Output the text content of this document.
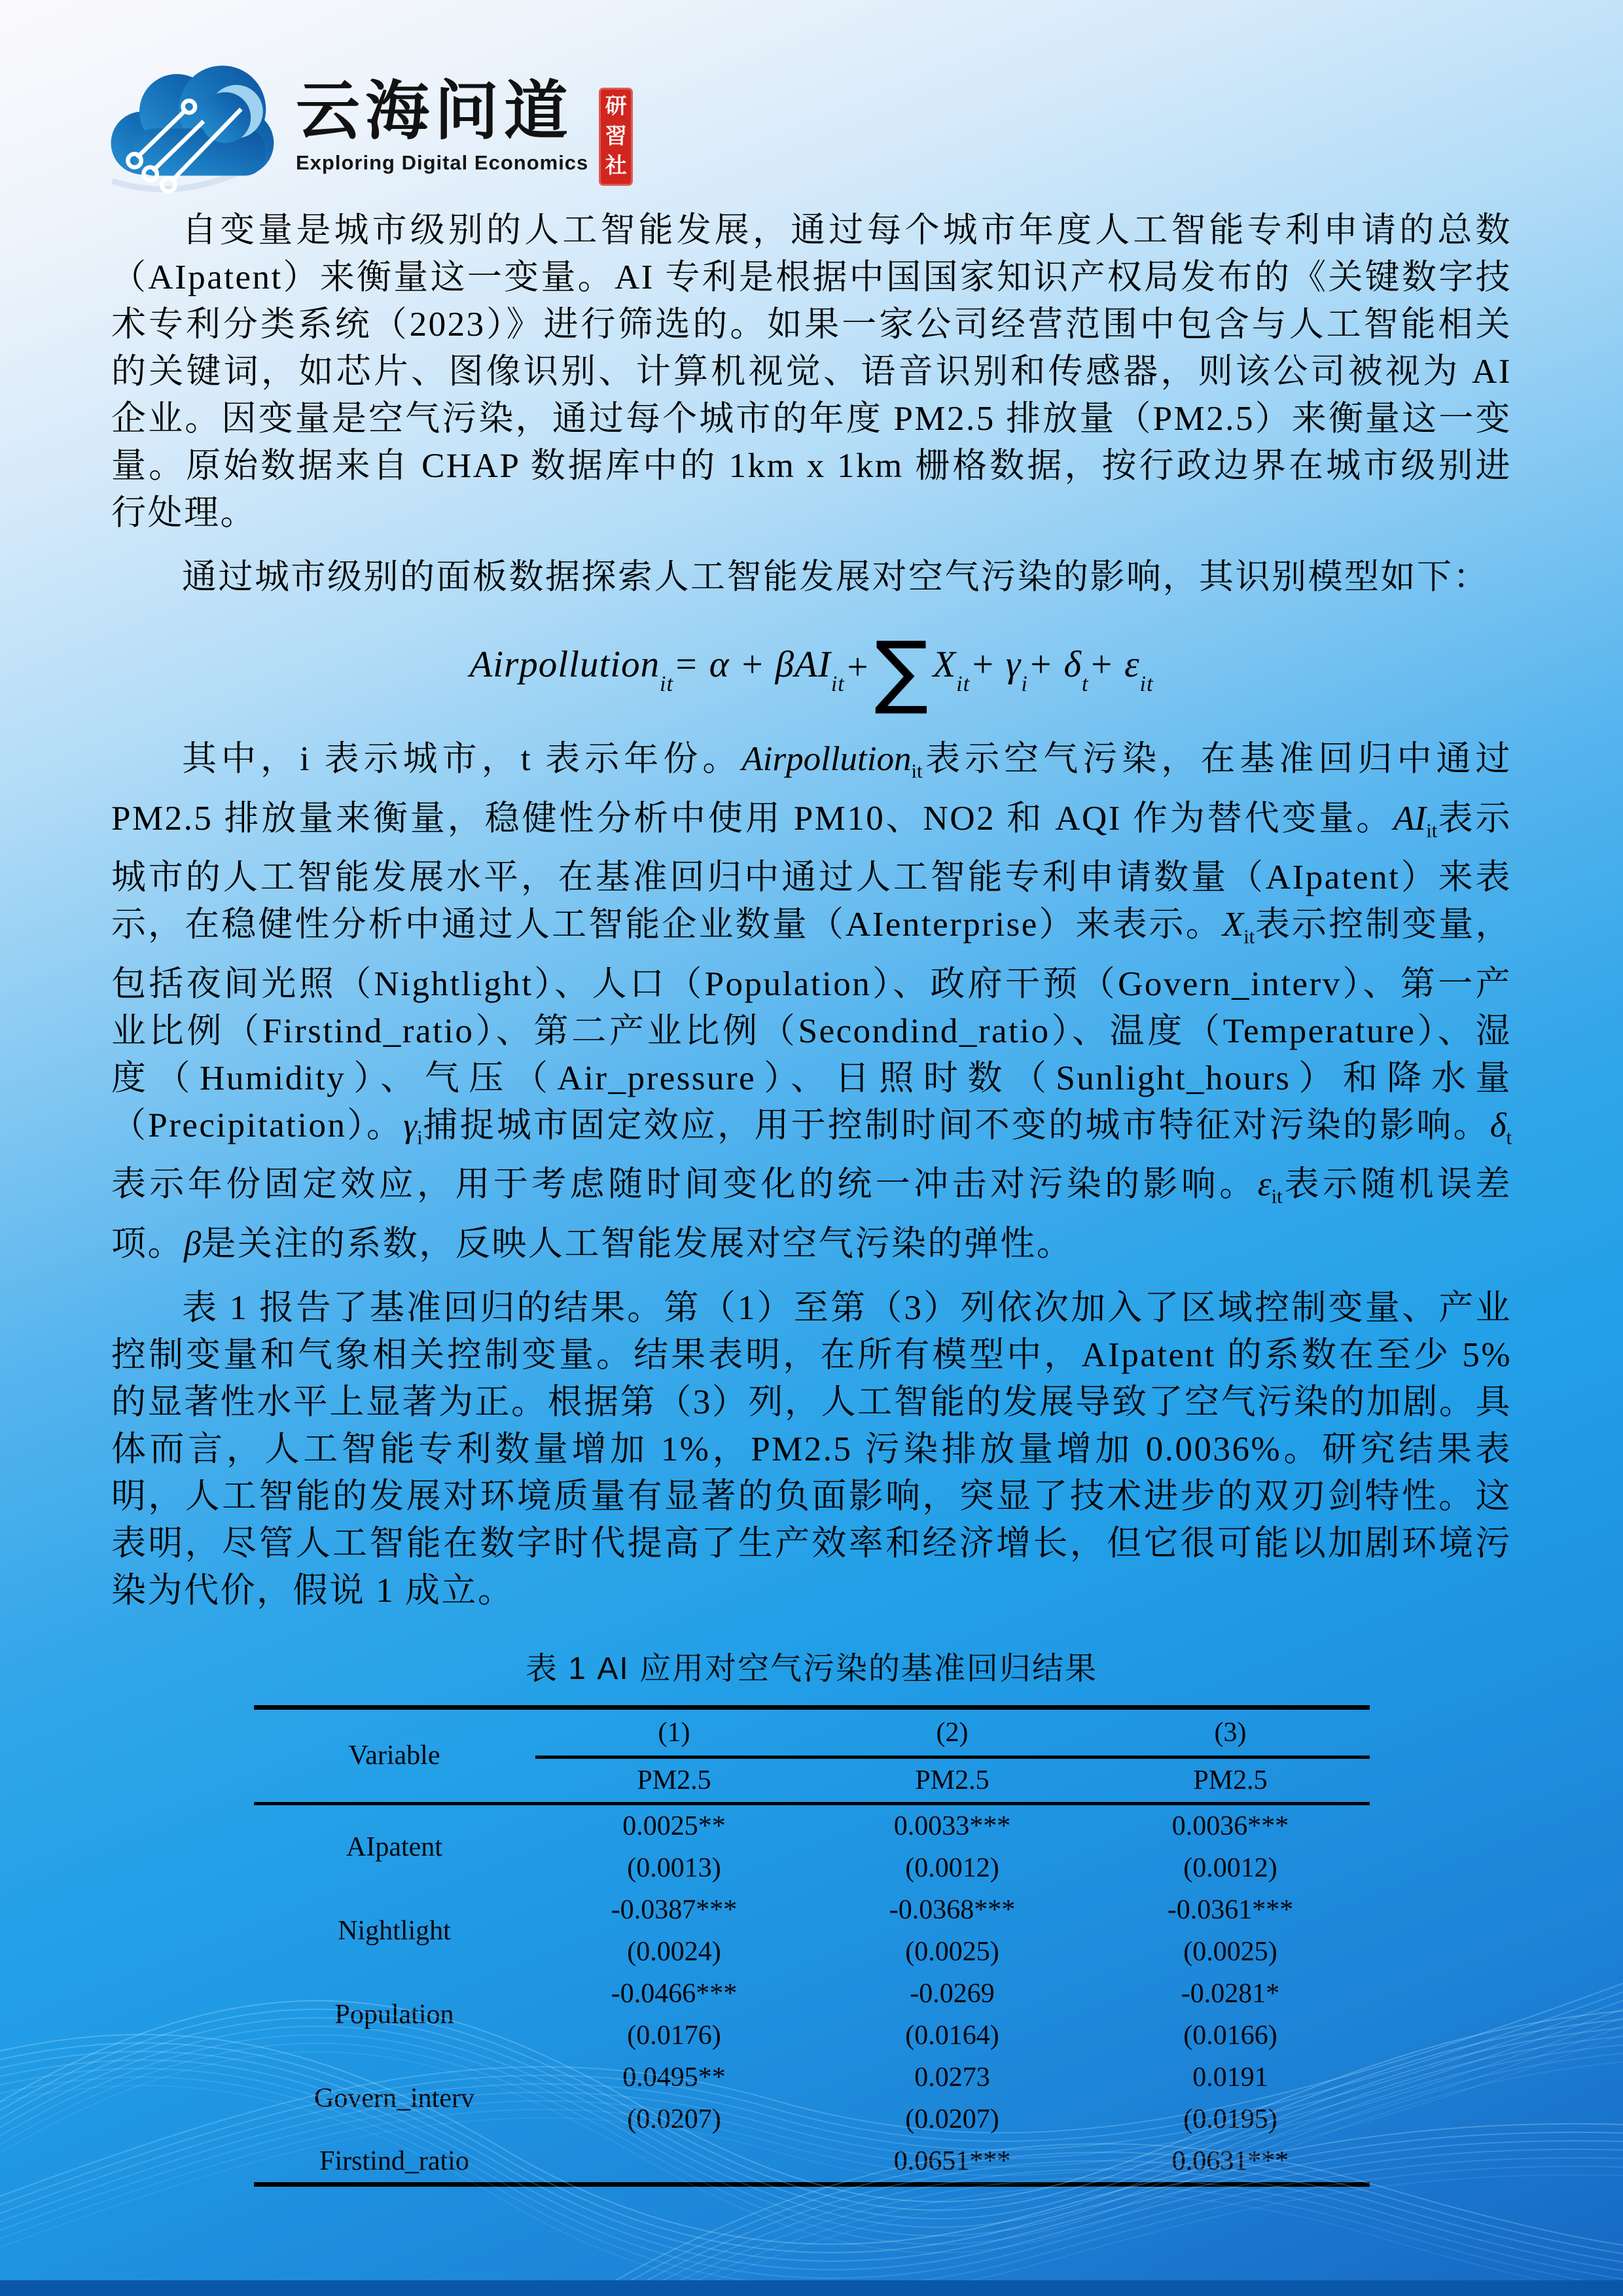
云海问道
Exploring Digital Economics
研
習
社

自变量是城市级别的人工智能发展，通过每个城市年度人工智能专利申请的总数（AIpatent）来衡量这一变量。AI 专利是根据中国国家知识产权局发布的《关键数字技术专利分类系统（2023）》进行筛选的。如果一家公司经营范围中包含与人工智能相关的关键词，如芯片、图像识别、计算机视觉、语音识别和传感器，则该公司被视为 AI 企业。因变量是空气污染，通过每个城市的年度 PM2.5 排放量（PM2.5）来衡量这一变量。原始数据来自 CHAP 数据库中的 1km x 1km 栅格数据，按行政边界在城市级别进行处理。

通过城市级别的面板数据探索人工智能发展对空气污染的影响，其识别模型如下：

Airpollution$_{it}$ = α + βAI$_{it}$ + ∑ $X_{it} + \gamma_i + \delta_t + \varepsilon_{it}$

其中，i 表示城市，t 表示年份。Airpollution$_{it}$表示空气污染，在基准回归中通过 PM2.5 排放量来衡量，稳健性分析中使用 PM10、NO2 和 AQI 作为替代变量。$AI_{it}$表示城市的人工智能发展水平，在基准回归中通过人工智能专利申请数量（AIpatent）来表示，在稳健性分析中通过人工智能企业数量（AIenterprise）来表示。$X_{it}$表示控制变量，包括夜间光照（Nightlight）、人口（Population）、政府干预（Govern_interv）、第一产业比例（Firstind_ratio）、第二产业比例（Secondind_ratio）、温度（Temperature）、湿度（Humidity）、气压（Air_pressure）、日照时数（Sunlight_hours）和降水量（Precipitation）。$\gamma_i$捕捉城市固定效应，用于控制时间不变的城市特征对污染的影响。$\delta_t$表示年份固定效应，用于考虑随时间变化的统一冲击对污染的影响。$\varepsilon_{it}$表示随机误差项。β是关注的系数，反映人工智能发展对空气污染的弹性。

表 1 报告了基准回归的结果。第（1）至第（3）列依次加入了区域控制变量、产业控制变量和气象相关控制变量。结果表明，在所有模型中，AIpatent 的系数在至少 5%的显著性水平上显著为正。根据第（3）列，人工智能的发展导致了空气污染的加剧。具体而言，人工智能专利数量增加 1%，PM2.5 污染排放量增加 0.0036%。研究结果表明，人工智能的发展对环境质量有显著的负面影响，突显了技术进步的双刃剑特性。这表明，尽管人工智能在数字时代提高了生产效率和经济增长，但它很可能以加剧环境污染为代价，假说 1 成立。

表 1 AI 应用对空气污染的基准回归结果
Variable	(1)	(2)	(3)
	PM2.5	PM2.5	PM2.5
AIpatent	0.0025**	0.0033***	0.0036***
	(0.0013)	(0.0012)	(0.0012)
Nightlight	-0.0387***	-0.0368***	-0.0361***
	(0.0024)	(0.0025)	(0.0025)
Population	-0.0466***	-0.0269	-0.0281*
	(0.0176)	(0.0164)	(0.0166)
Govern_interv	0.0495**	0.0273	0.0191
	(0.0207)	(0.0207)	(0.0195)
Firstind_ratio		0.0651***	0.0631***
